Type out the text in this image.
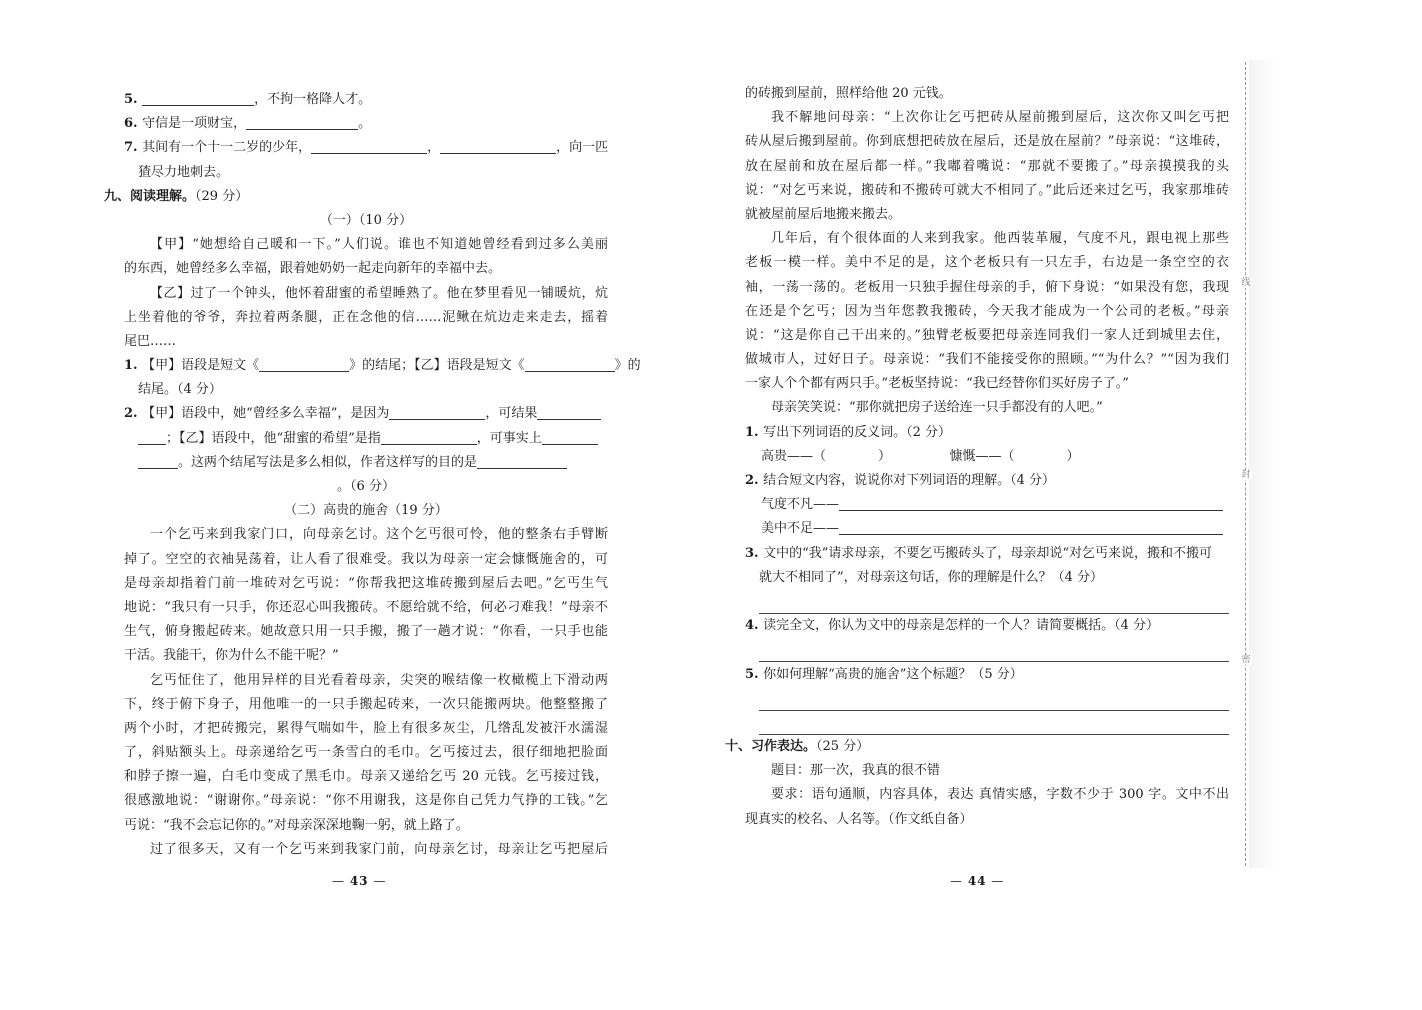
5.	，不拘一格降人才。
6. 守信是一项财宝，	。
7. 其间有一个十一二岁的少年，	，	，向一匹
猹尽力地刺去。
九、阅读理解。（29 分）
（一）（10 分）
【甲】“她想给自己暖和一下。”人们说。谁也不知道她曾经看到过多么美丽
的东西，她曾经多么幸福，跟着她奶奶一起走向新年的幸福中去。
【乙】过了一个钟头，他怀着甜蜜的希望睡熟了。他在梦里看见一铺暖炕，炕
上坐着他的爷爷，奔拉着两条腿，正在念他的信……泥鳅在炕边走来走去，摇着
尾巴……
1. 【甲】语段是短文《	》的结尾；【乙】语段是短文《	》的
结尾。（4 分）
2. 【甲】语段中，她“曾经多么幸福”，是因为	，可结果
；【乙】语段中，他“甜蜜的希望”是指	，可事实上
。这两个结尾写法是多么相似，作者这样写的目的是
。（6 分）
（二）高贵的施舍（19 分）
一个乞丐来到我家门口，向母亲乞讨。这个乞丐很可怜，他的整条右手臂断
掉了。空空的衣袖晃荡着，让人看了很难受。我以为母亲一定会慷慨施舍的，可
是母亲却指着门前一堆砖对乞丐说：“你帮我把这堆砖搬到屋后去吧。”乞丐生气
地说：“我只有一只手，你还忍心叫我搬砖。不愿给就不给，何必刁难我！”母亲不
生气，俯身搬起砖来。她故意只用一只手搬，搬了一趟才说：“你看，一只手也能
干活。我能干，你为什么不能干呢？”
乞丐怔住了，他用异样的目光看着母亲，尖突的喉结像一枚橄榄上下滑动两
下，终于俯下身子，用他唯一的一只手搬起砖来，一次只能搬两块。他整整搬了
两个小时，才把砖搬完，累得气喘如牛，脸上有很多灰尘，几绺乱发被汗水濡湿
了，斜贴额头上。母亲递给乞丐一条雪白的毛巾。乞丐接过去，很仔细地把脸面
和脖子擦一遍，白毛巾变成了黑毛巾。母亲又递给乞丐 20 元钱。乞丐接过钱，
很感激地说：“谢谢你。”母亲说：“你不用谢我，这是你自己凭力气挣的工钱。”乞
丐说：“我不会忘记你的。”对母亲深深地鞠一躬，就上路了。
过了很多天，又有一个乞丐来到我家门前，向母亲乞讨，母亲让乞丐把屋后
— 43 —
的砖搬到屋前，照样给他 20 元钱。
我不解地问母亲：“上次你让乞丐把砖从屋前搬到屋后，这次你又叫乞丐把
砖从屋后搬到屋前。你到底想把砖放在屋后，还是放在屋前？”母亲说：“这堆砖，
放在屋前和放在屋后都一样。”我嘟着嘴说：“那就不要搬了。”母亲摸摸我的头
说：“对乞丐来说，搬砖和不搬砖可就大不相同了。”此后还来过乞丐，我家那堆砖
就被屋前屋后地搬来搬去。
几年后，有个很体面的人来到我家。他西装革履，气度不凡，跟电视上那些
老板一模一样。美中不足的是，这个老板只有一只左手，右边是一条空空的衣
袖，一荡一荡的。老板用一只独手握住母亲的手，俯下身说：“如果没有您，我现
在还是个乞丐；因为当年您教我搬砖，今天我才能成为一个公司的老板。”母亲
说：“这是你自己干出来的。”独臂老板要把母亲连同我们一家人迁到城里去住，
做城市人，过好日子。母亲说：“我们不能接受你的照顾。”“为什么？”“因为我们
一家人个个都有两只手。”老板坚持说：“我已经替你们买好房子了。”
母亲笑笑说：“那你就把房子送给连一只手都没有的人吧。”
1. 写出下列词语的反义词。（2 分）
高贵——（　　　　）　　　　　慷慨——（　　　　）
2. 结合短文内容，说说你对下列词语的理解。（4 分）
气度不凡——
美中不足——
3. 文中的“我”请求母亲，不要乞丐搬砖头了，母亲却说“对乞丐来说，搬和不搬可
就大不相同了”，对母亲这句话，你的理解是什么？（4 分）
4. 读完全文，你认为文中的母亲是怎样的一个人？请简要概括。（4 分）
5. 你如何理解“高贵的施舍”这个标题？（5 分）
十、习作表达。（25 分）
题目：那一次，我真的很不错
要求：语句通顺，内容具体，表达 真情实感，字数不少于 300 字。文中不出
现真实的校名、人名等。（作文纸自备）
— 44 —
线
封
密
